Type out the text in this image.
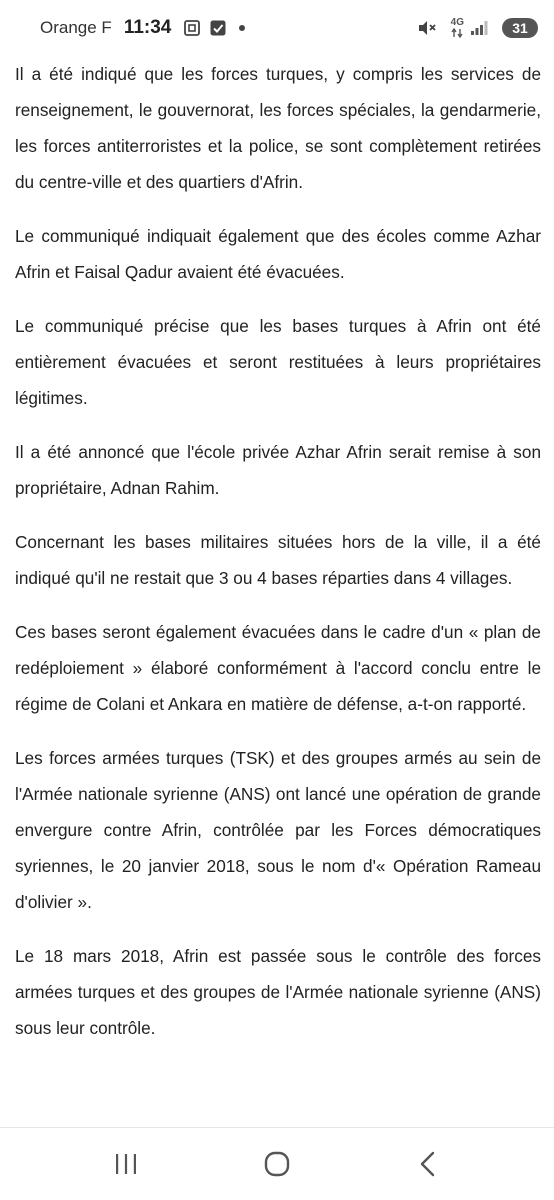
Orange F 11:34	4G	31

Il a été indiqué que les forces turques, y compris les services de renseignement, le gouvernorat, les forces spéciales, la gendarmerie, les forces antiterroristes et la police, se sont complètement retirées du centre-ville et des quartiers d'Afrin.

Le communiqué indiquait également que des écoles comme Azhar Afrin et Faisal Qadur avaient été évacuées.

Le communiqué précise que les bases turques à Afrin ont été entièrement évacuées et seront restituées à leurs propriétaires légitimes.

Il a été annoncé que l'école privée Azhar Afrin serait remise à son propriétaire, Adnan Rahim.

Concernant les bases militaires situées hors de la ville, il a été indiqué qu'il ne restait que 3 ou 4 bases réparties dans 4 villages.

Ces bases seront également évacuées dans le cadre d'un « plan de redéploiement » élaboré conformément à l'accord conclu entre le régime de Colani et Ankara en matière de défense, a-t-on rapporté.

Les forces armées turques (TSK) et des groupes armés au sein de l'Armée nationale syrienne (ANS) ont lancé une opération de grande envergure contre Afrin, contrôlée par les Forces démocratiques syriennes, le 20 janvier 2018, sous le nom d'« Opération Rameau d'olivier ».

Le 18 mars 2018, Afrin est passée sous le contrôle des forces armées turques et des groupes de l'Armée nationale syrienne (ANS) sous leur contrôle.
